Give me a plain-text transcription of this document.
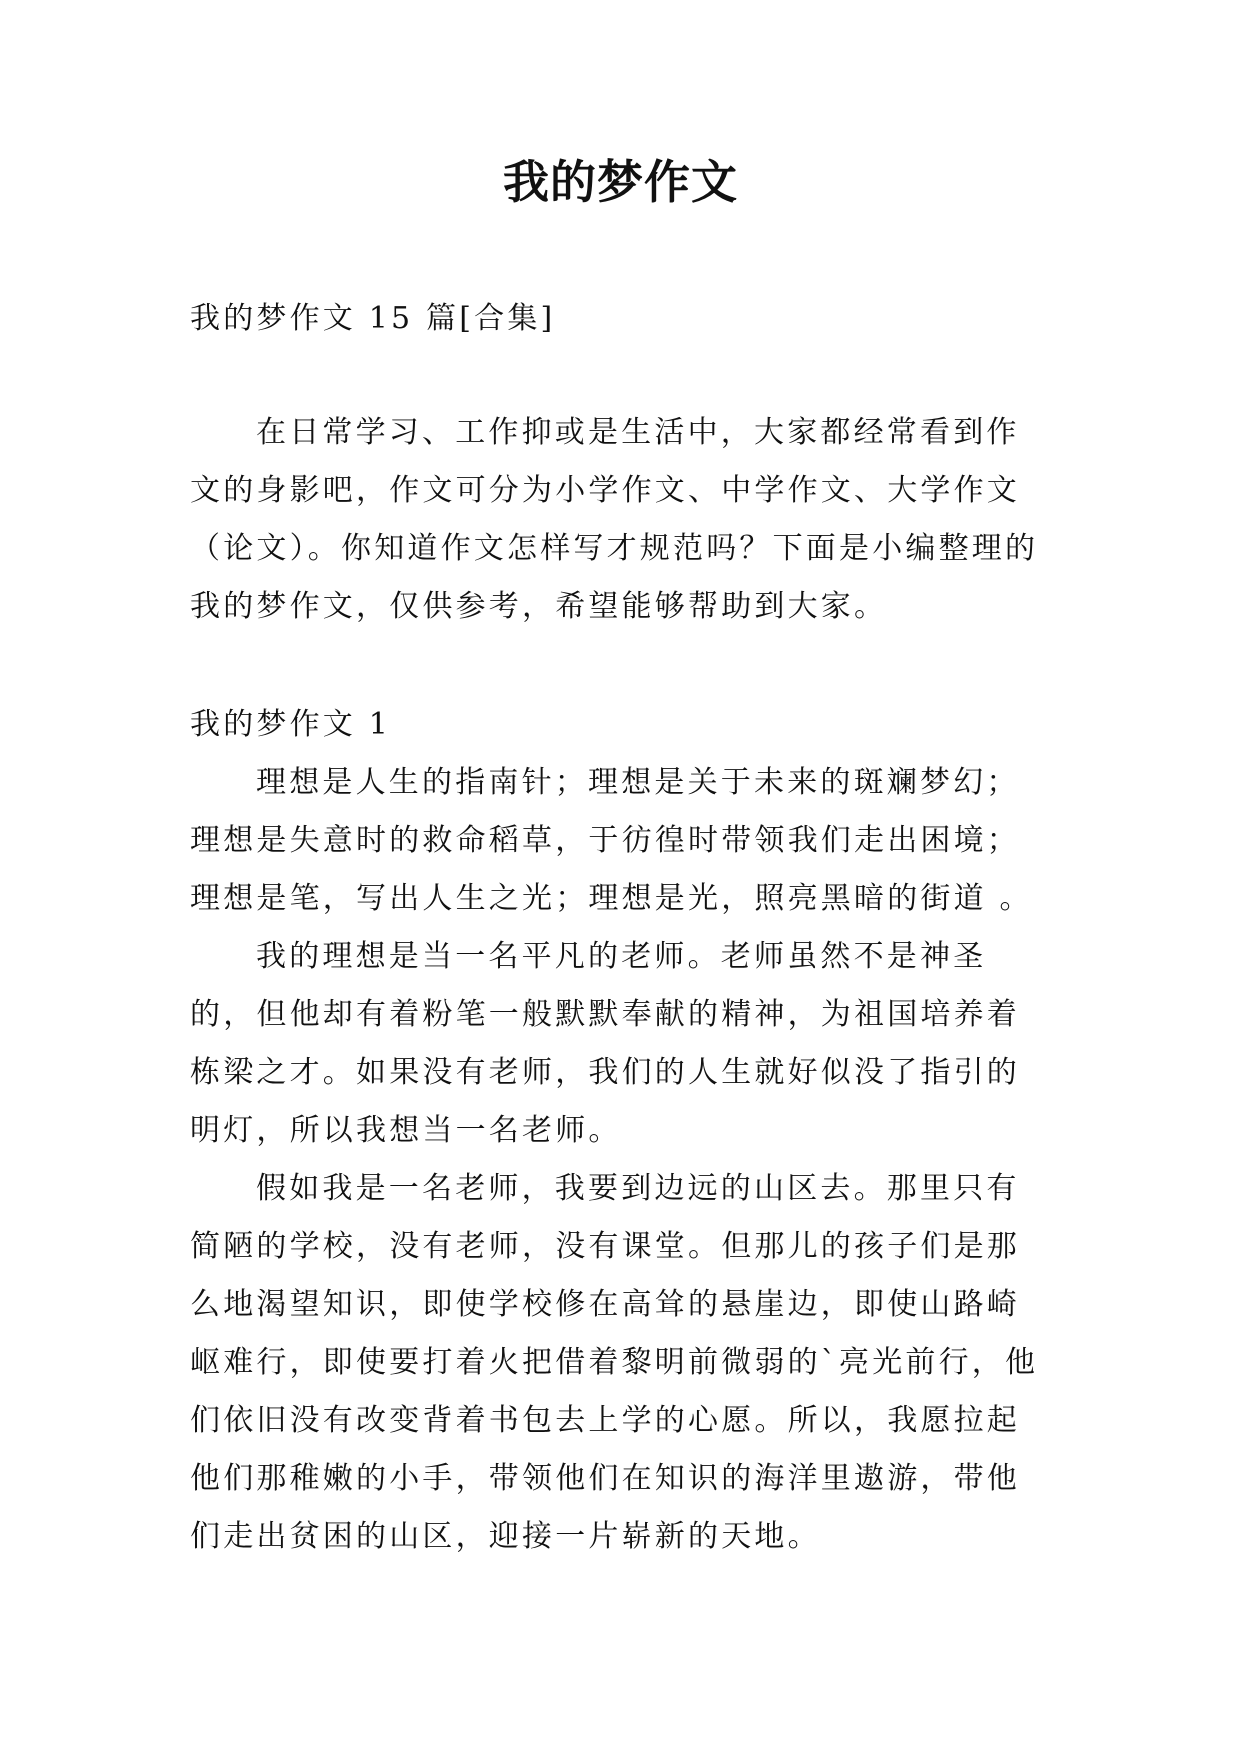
我的梦作文

我的梦作文 15 篇[合集]

在日常学习、工作抑或是生活中，大家都经常看到作文的身影吧，作文可分为小学作文、中学作文、大学作文（论文）。你知道作文怎样写才规范吗？下面是小编整理的我的梦作文，仅供参考，希望能够帮助到大家。

我的梦作文 1

理想是人生的指南针；理想是关于未来的斑斓梦幻；理想是失意时的救命稻草，于彷徨时带领我们走出困境；理想是笔，写出人生之光；理想是光，照亮黑暗的街道 。

我的理想是当一名平凡的老师。老师虽然不是神圣的，但他却有着粉笔一般默默奉献的精神，为祖国培养着栋梁之才。如果没有老师，我们的人生就好似没了指引的明灯，所以我想当一名老师。

假如我是一名老师，我要到边远的山区去。那里只有简陋的学校，没有老师，没有课堂。但那儿的孩子们是那么地渴望知识，即使学校修在高耸的悬崖边，即使山路崎岖难行，即使要打着火把借着黎明前微弱的`亮光前行，他们依旧没有改变背着书包去上学的心愿。所以，我愿拉起他们那稚嫩的小手，带领他们在知识的海洋里遨游，带他们走出贫困的山区，迎接一片崭新的天地。
